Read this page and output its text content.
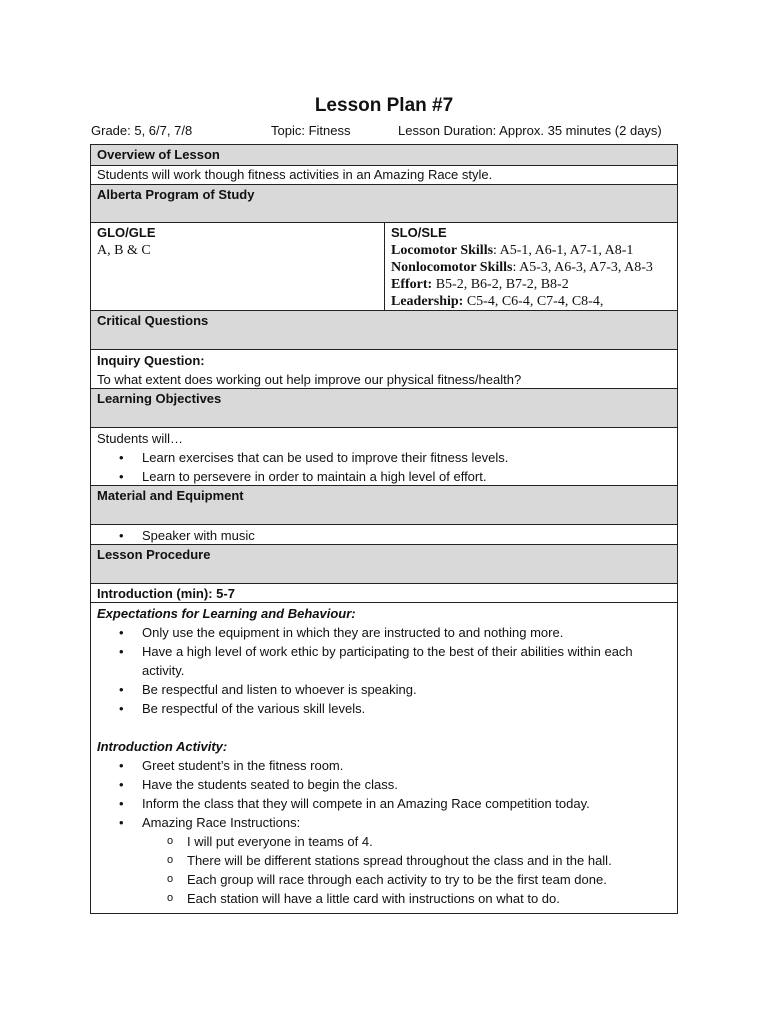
Lesson Plan #7
Grade: 5, 6/7, 7/8	Topic: Fitness	Lesson Duration: Approx. 35 minutes (2 days)
Overview of Lesson
Students will work though fitness activities in an Amazing Race style.
Alberta Program of Study
GLO/GLE
A, B & C
SLO/SLE
Locomotor Skills: A5-1, A6-1, A7-1, A8-1
Nonlocomotor Skills: A5-3, A6-3, A7-3, A8-3
Effort: B5-2, B6-2, B7-2, B8-2
Leadership: C5-4, C6-4, C7-4, C8-4,
Critical Questions
Inquiry Question:
To what extent does working out help improve our physical fitness/health?
Learning Objectives
Students will…
• Learn exercises that can be used to improve their fitness levels.
• Learn to persevere in order to maintain a high level of effort.
Material and Equipment
• Speaker with music
Lesson Procedure
Introduction (min): 5-7
Expectations for Learning and Behaviour:
• Only use the equipment in which they are instructed to and nothing more.
• Have a high level of work ethic by participating to the best of their abilities within each activity.
• Be respectful and listen to whoever is speaking.
• Be respectful of the various skill levels.
Introduction Activity:
• Greet student’s in the fitness room.
• Have the students seated to begin the class.
• Inform the class that they will compete in an Amazing Race competition today.
• Amazing Race Instructions:
o I will put everyone in teams of 4.
o There will be different stations spread throughout the class and in the hall.
o Each group will race through each activity to try to be the first team done.
o Each station will have a little card with instructions on what to do.
